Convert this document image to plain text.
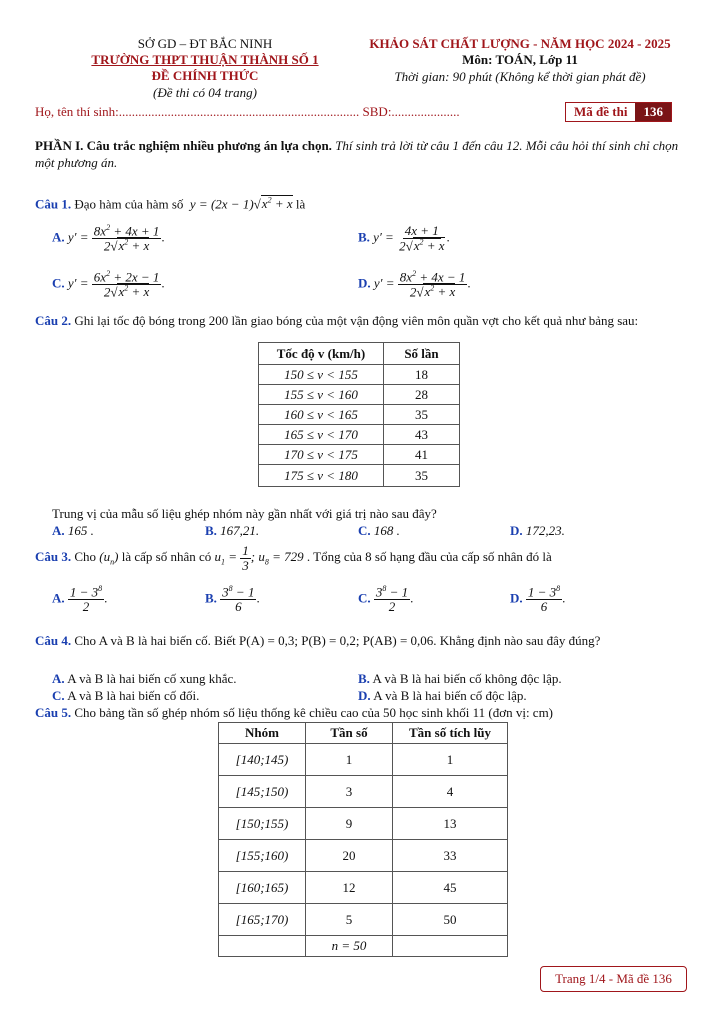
SỞ GD – ĐT BẮC NINH
TRƯỜNG THPT THUẬN THÀNH SỐ 1
ĐỀ CHÍNH THỨC
(Đề thi có 04 trang)
KHẢO SÁT CHẤT LƯỢNG - NĂM HỌC 2024 - 2025
Môn: TOÁN, Lớp 11
Thời gian: 90 phút (Không kể thời gian phát đề)
Họ, tên thí sinh:.......................................................................... SBD:.....................	Mã đề thi	136
PHẦN I. Câu trắc nghiệm nhiều phương án lựa chọn. Thí sinh trả lời từ câu 1 đến câu 12. Mỗi câu hỏi thí sinh chỉ chọn một phương án.
Câu 1. Đạo hàm của hàm số  $y = (2x - 1)√x^2 + x$ là
A. $y' = \frac{8x^2 + 4x + 1}{2√x^2 + x}$ .	B. $y' = \frac{4x + 1}{2√x^2 + x}$ .
C. $y' = \frac{6x^2 + 2x - 1}{2√x^2 + x}$ .	D. $y' = \frac{8x^2 + 4x - 1}{2√x^2 + x}$ .
Câu 2. Ghi lại tốc độ bóng trong 200 lần giao bóng của một vận động viên môn quần vợt cho kết quả như bảng sau:
Tốc độ v (km/h)	Số lần
150 ≤ v < 155	18
155 ≤ v < 160	28
160 ≤ v < 165	35
165 ≤ v < 170	43
170 ≤ v < 175	41
175 ≤ v < 180	35
Trung vị của mẫu số liệu ghép nhóm này gần nhất với giá trị nào sau đây?
A. 165 .	B. 167,21.	C. 168 .	D. 172,23.
Câu 3. Cho $(u_n)$ là cấp số nhân có $u_1 = \frac{1}{3}$ ; $u_8 = 729$ . Tổng của 8 số hạng đầu của cấp số nhân đó là
A. $\frac{1 - 3^8}{2}$ .	B. $\frac{3^8 - 1}{6}$ .	C. $\frac{3^8 - 1}{2}$ .	D. $\frac{1 - 3^8}{6}$ .
Câu 4. Cho A và B là hai biến cố. Biết P(A) = 0,3; P(B) = 0,2; P(AB) = 0,06. Khẳng định nào sau đây đúng?
A. A và B là hai biến cố xung khắc.	B. A và B là hai biến cố không độc lập.
C. A và B là hai biến cố đối.	D. A và B là hai biến cố độc lập.
Câu 5. Cho bảng tần số ghép nhóm số liệu thống kê chiều cao của 50 học sinh khối 11 (đơn vị: cm)
Nhóm	Tần số	Tần số tích lũy
[140;145)	1	1
[145;150)	3	4
[150;155)	9	13
[155;160)	20	33
[160;165)	12	45
[165;170)	5	50
	n = 50	
Trang 1/4 - Mã đề 136
